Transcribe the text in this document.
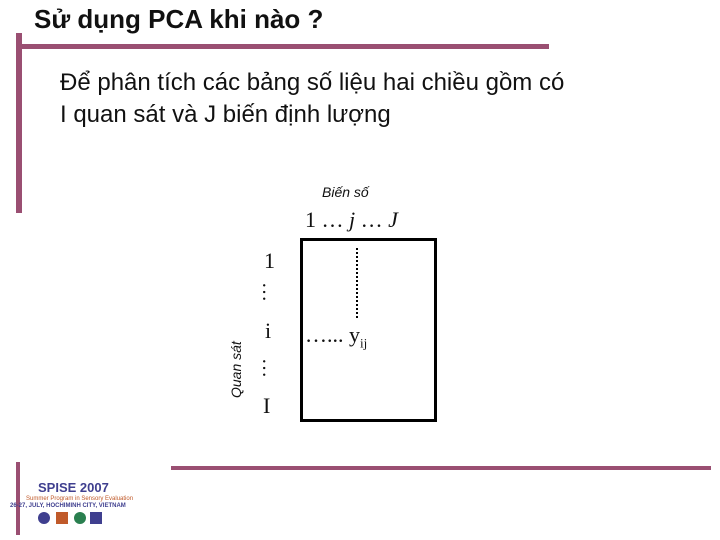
Sử dụng PCA khi nào ?
Để phân tích các bảng số liệu hai chiều gồm có
I quan sát và J biến định lượng
Biến số
1 … j … J
Quan sát
1
…
i
…
I
…... $y_{ij}$
SPISE 2007
Summer Program in Sensory Evaluation
26-27, JULY, HOCHIMINH CITY, VIETNAM
